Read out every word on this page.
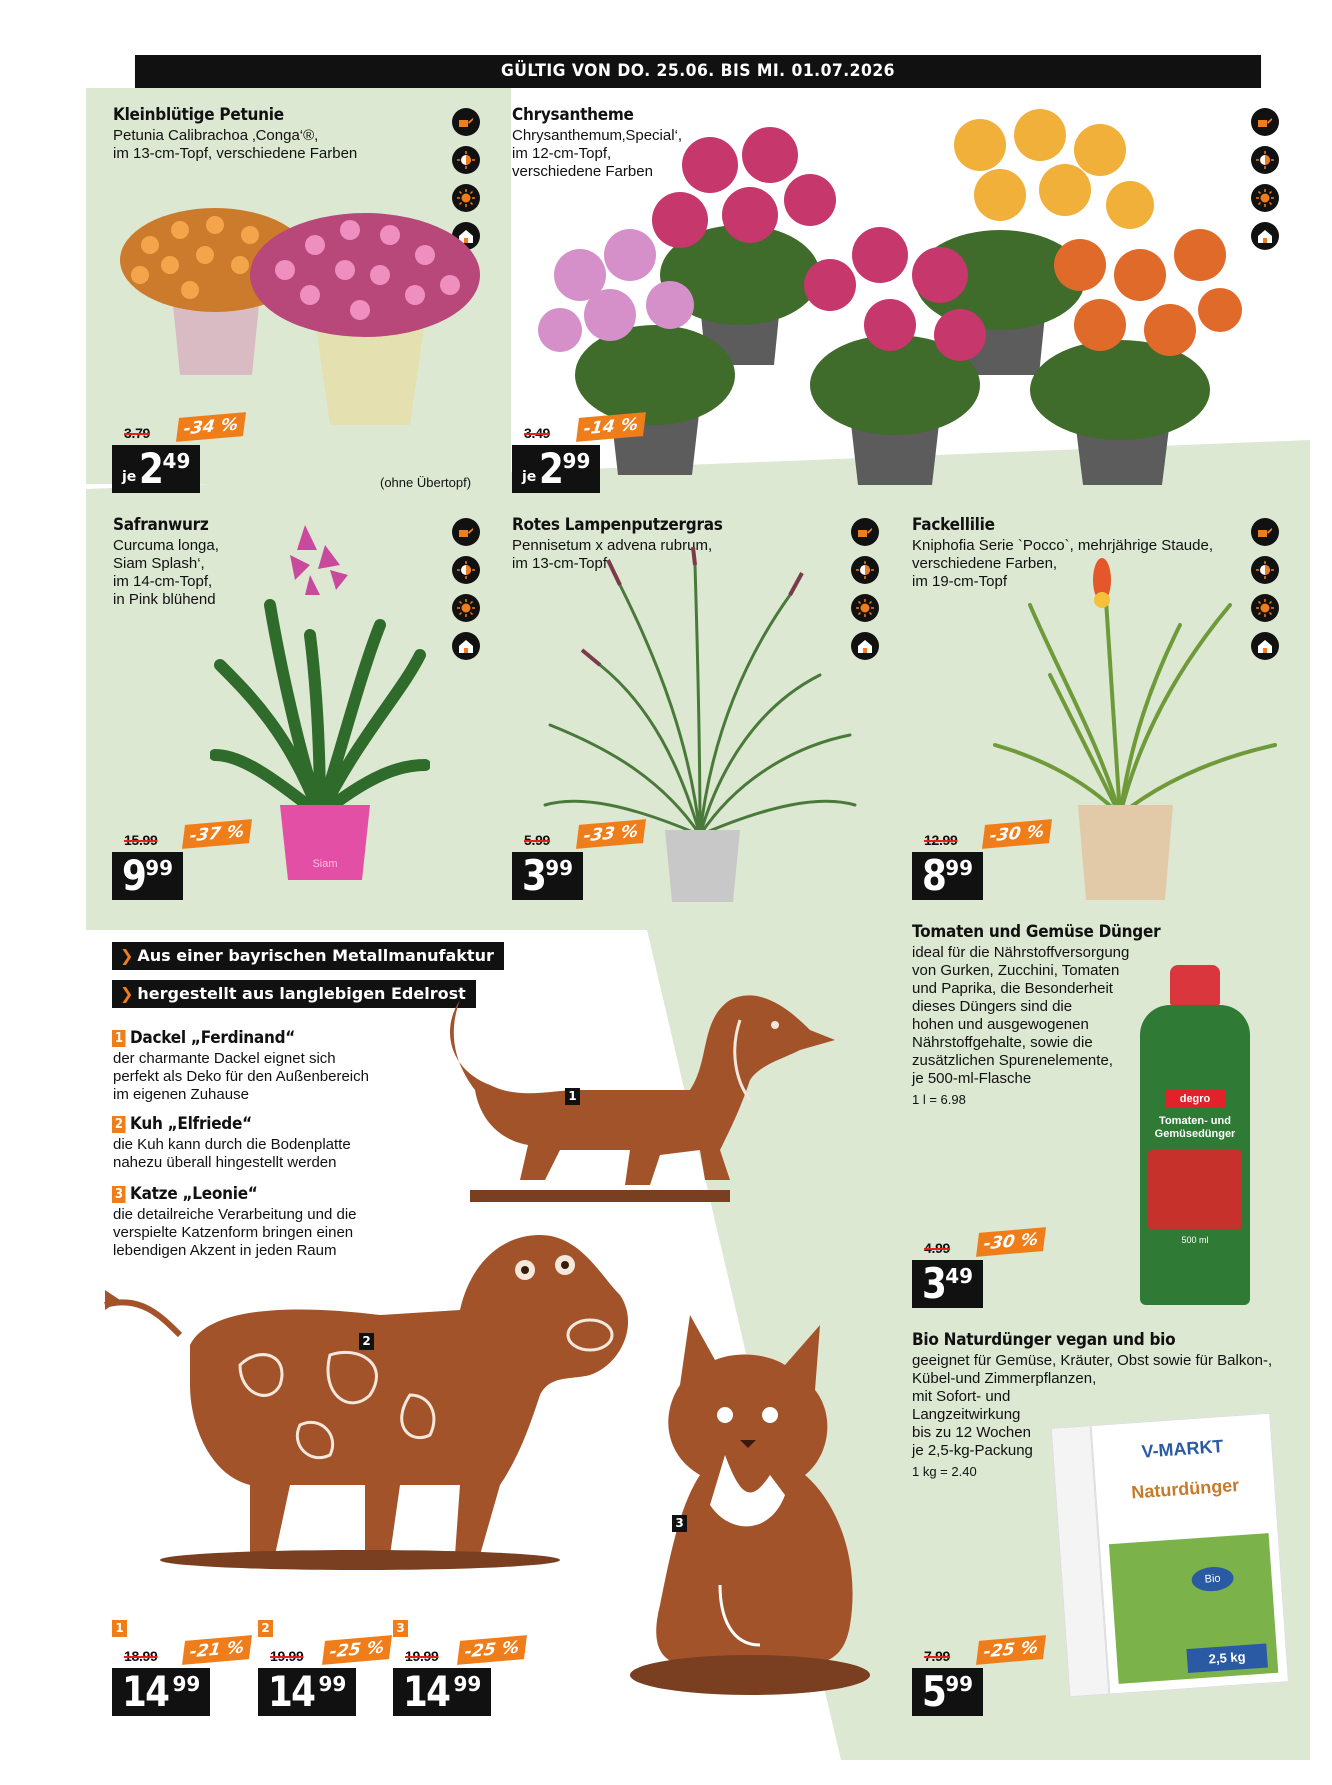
GÜLTIG VON DO. 25.06. BIS MI. 01.07.2026
Kleinblütige Petunie
Petunia Calibrachoa ‚Conga‘®,
im 13-cm-Topf, verschiedene Farben
3.79	-34 %
je 2 49
(ohne Übertopf)
Chrysantheme
Chrysanthemum‚Special‘,
im 12-cm-Topf,
verschiedene Farben
3.49	-14 %
je 2 99
Safranwurz
Curcuma longa,
Siam Splash‘,
im 14-cm-Topf,
in Pink blühend
Siam
15.99	-37 %
9 99
Rotes Lampenputzergras
Pennisetum x advena rubrum,
im 13-cm-Topf
5.99	-33 %
3 99
Fackellilie
Kniphofia Serie `Pocco`, mehrjährige Staude,
verschiedene Farben,
im 19-cm-Topf
12.99	-30 %
8 99
❯ Aus einer bayrischen Metallmanufaktur
❯ hergestellt aus langlebigen Edelrost
1 Dackel „Ferdinand“
der charmante Dackel eignet sich
perfekt als Deko für den Außenbereich
im eigenen Zuhause
2 Kuh „Elfriede“
die Kuh kann durch die Bodenplatte
nahezu überall hingestellt werden
3 Katze „Leonie“
die detailreiche Verarbeitung und die
verspielte Katzenform bringen einen
lebendigen Akzent in jeden Raum
1
2
3
1	2	3
18.99	-21 %
14 99
19.99	-25 %
14 99
19.99	-25 %
14 99
Tomaten und Gemüse Dünger
ideal für die Nährstoffversorgung
von Gurken, Zucchini, Tomaten
und Paprika, die Besonderheit
dieses Düngers sind die
hohen und ausgewogenen
Nährstoffgehalte, sowie die
zusätzlichen Spurenelemente,
je 500-ml-Flasche
1 l = 6.98	degro
Tomaten- und Gemüsedünger
500 ml
4.99	-30 %
3 49
Bio Naturdünger vegan und bio
geeignet für Gemüse, Kräuter, Obst sowie für Balkon-,
Kübel-und Zimmerpflanzen,
mit Sofort- und
Langzeitwirkung
bis zu 12 Wochen
je 2,5-kg-Packung
1 kg = 2.40
V-MARKT
Naturdünger
Bio
2,5 kg
7.99	-25 %
5 99
